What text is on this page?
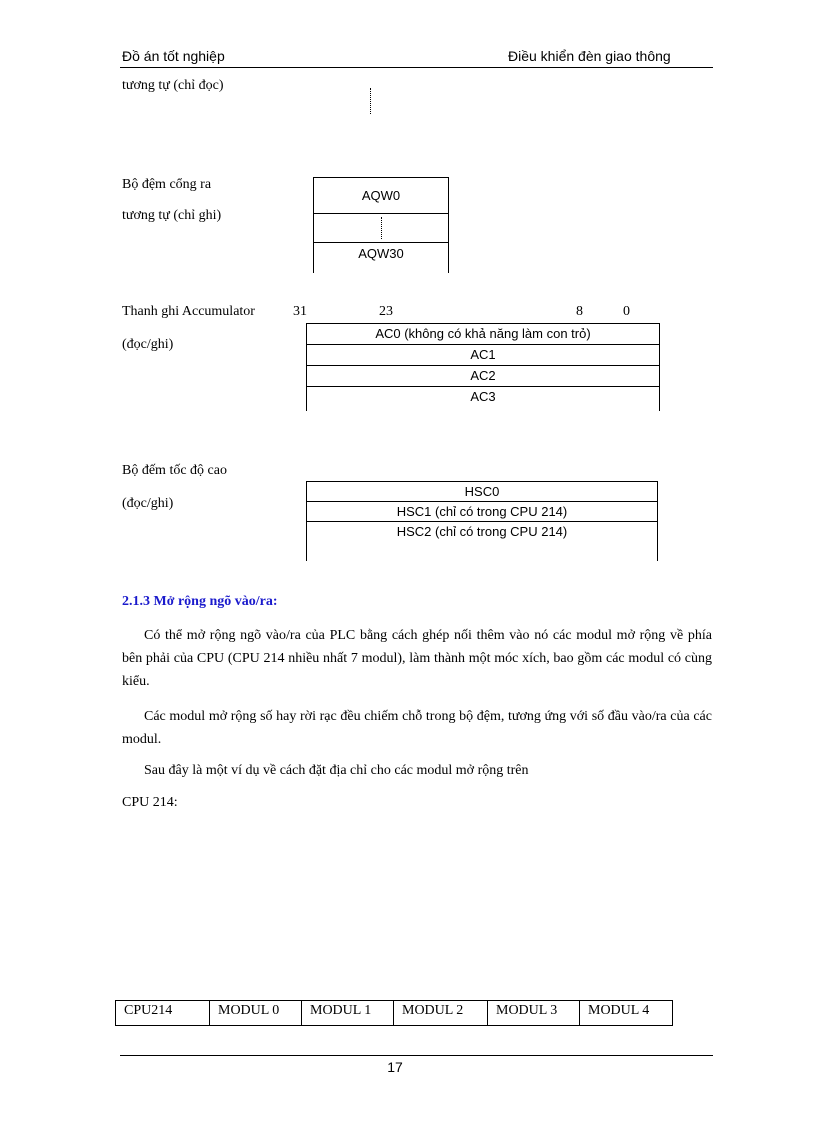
Đồ án tốt nghiệp	Điều khiển đèn giao thông
tương tự (chỉ đọc)
Bộ đệm cổng ra
tương tự (chỉ ghi)
AQW0
AQW30
Thanh ghi Accumulator
(đọc/ghi)
31	23	8	0
AC0 (không có khả năng làm con trỏ)
AC1
AC2
AC3
Bộ đếm tốc độ cao
(đọc/ghi)
HSC0
HSC1 (chỉ có trong CPU 214)
HSC2 (chỉ có trong CPU 214)
2.1.3 Mở rộng ngõ vào/ra:
Có thể mở rộng ngõ vào/ra của PLC bằng cách ghép nối thêm vào nó các modul mở rộng về phía bên phải của CPU (CPU 214 nhiều nhất 7 modul), làm thành một móc xích, bao gồm các modul có cùng kiểu.
Các modul mở rộng số hay rời rạc đều chiếm chỗ trong bộ đệm, tương ứng với số đầu vào/ra của các modul.
Sau đây là một ví dụ về cách đặt địa chỉ cho các modul mở rộng trên
CPU 214:
CPU214	MODUL 0	MODUL 1	MODUL 2	MODUL 3	MODUL 4
17
